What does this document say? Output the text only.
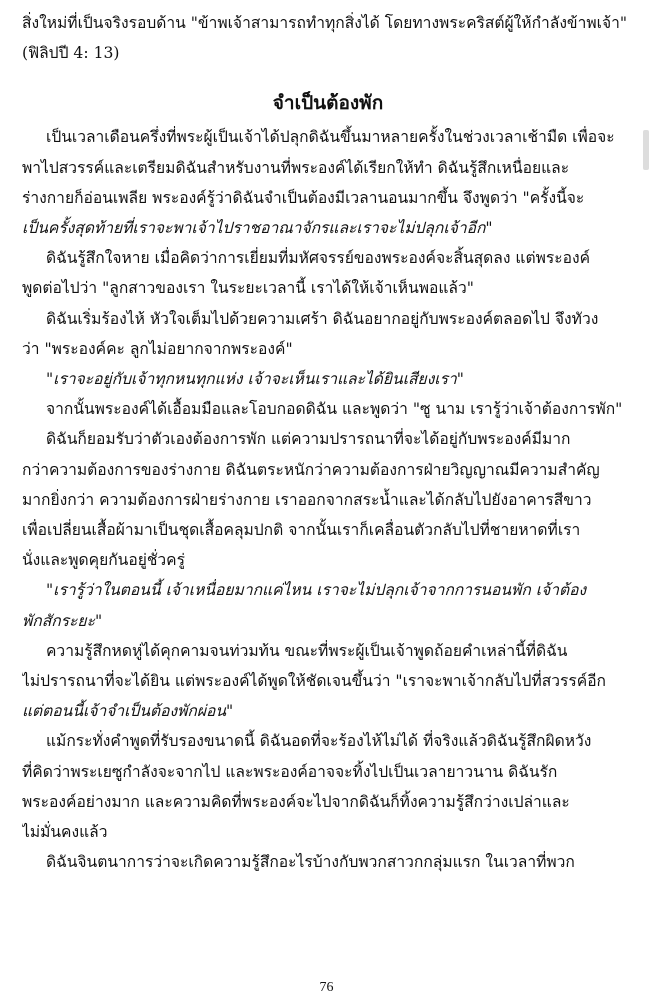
สิ่งใหม่ที่เป็นจริงรอบด้าน "ข้าพเจ้าสามารถทำทุกสิ่งได้ โดยทางพระคริสต์ผู้ให้กำลังข้าพเจ้า"

(ฟิลิปปี 4: 13)

จำเป็นต้องพัก

เป็นเวลาเดือนครึ่งที่พระผู้เป็นเจ้าได้ปลุกดิฉันขึ้นมาหลายครั้งในช่วงเวลาเช้ามืด เพื่อจะ

พาไปสวรรค์และเตรียมดิฉันสำหรับงานที่พระองค์ได้เรียกให้ทำ ดิฉันรู้สึกเหนื่อยและ

ร่างกายก็อ่อนเพลีย พระองค์รู้ว่าดิฉันจำเป็นต้องมีเวลานอนมากขึ้น จึงพูดว่า "ครั้งนี้จะ

เป็นครั้งสุดท้ายที่เราจะพาเจ้าไปราชอาณาจักรและเราจะไม่ปลุกเจ้าอีก"

ดิฉันรู้สึกใจหาย เมื่อคิดว่าการเยี่ยมที่มหัศจรรย์ของพระองค์จะสิ้นสุดลง แต่พระองค์

พูดต่อไปว่า "ลูกสาวของเรา ในระยะเวลานี้ เราได้ให้เจ้าเห็นพอแล้ว"

ดิฉันเริ่มร้องไห้ หัวใจเต็มไปด้วยความเศร้า ดิฉันอยากอยู่กับพระองค์ตลอดไป จึงทัวง

ว่า "พระองค์คะ ลูกไม่อยากจากพระองค์"

"เราจะอยู่กับเจ้าทุกหนทุกแห่ง เจ้าจะเห็นเราและได้ยินเสียงเรา"

จากนั้นพระองค์ได้เอื้อมมือและโอบกอดดิฉัน และพูดว่า "ซู นาม เรารู้ว่าเจ้าต้องการพัก"

ดิฉันก็ยอมรับว่าตัวเองต้องการพัก แต่ความปรารถนาที่จะได้อยู่กับพระองค์มีมาก

กว่าความต้องการของร่างกาย ดิฉันตระหนักว่าความต้องการฝ่ายวิญญาณมีความสำคัญ

มากยิ่งกว่า ความต้องการฝ่ายร่างกาย เราออกจากสระน้ำและได้กลับไปยังอาคารสีขาว

เพื่อเปลี่ยนเสื้อผ้ามาเป็นชุดเสื้อคลุมปกติ จากนั้นเราก็เคลื่อนตัวกลับไปที่ชายหาดที่เรา

นั่งและพูดคุยกันอยู่ชั่วครู่

"เรารู้ว่าในตอนนี้ เจ้าเหนื่อยมากแค่ไหน เราจะไม่ปลุกเจ้าจากการนอนพัก เจ้าต้อง

พักสักระยะ"

ความรู้สึกหดหู่ได้คุกคามจนท่วมท้น ขณะที่พระผู้เป็นเจ้าพูดถ้อยคำเหล่านี้ที่ดิฉัน

ไม่ปรารถนาที่จะได้ยิน แต่พระองค์ได้พูดให้ชัดเจนขึ้นว่า "เราจะพาเจ้ากลับไปที่สวรรค์อีก

แต่ตอนนี้เจ้าจำเป็นต้องพักผ่อน"

แม้กระทั่งคำพูดที่รับรองขนาดนี้ ดิฉันอดที่จะร้องไห้ไม่ได้ ที่จริงแล้วดิฉันรู้สึกผิดหวัง

ที่คิดว่าพระเยซูกำลังจะจากไป และพระองค์อาจจะทิ้งไปเป็นเวลายาวนาน ดิฉันรัก

พระองค์อย่างมาก และความคิดที่พระองค์จะไปจากดิฉันก็ทิ้งความรู้สึกว่างเปล่าและ

ไม่มั่นคงแล้ว

ดิฉันจินตนาการว่าจะเกิดความรู้สึกอะไรบ้างกับพวกสาวกกลุ่มแรก ในเวลาที่พวก

76
